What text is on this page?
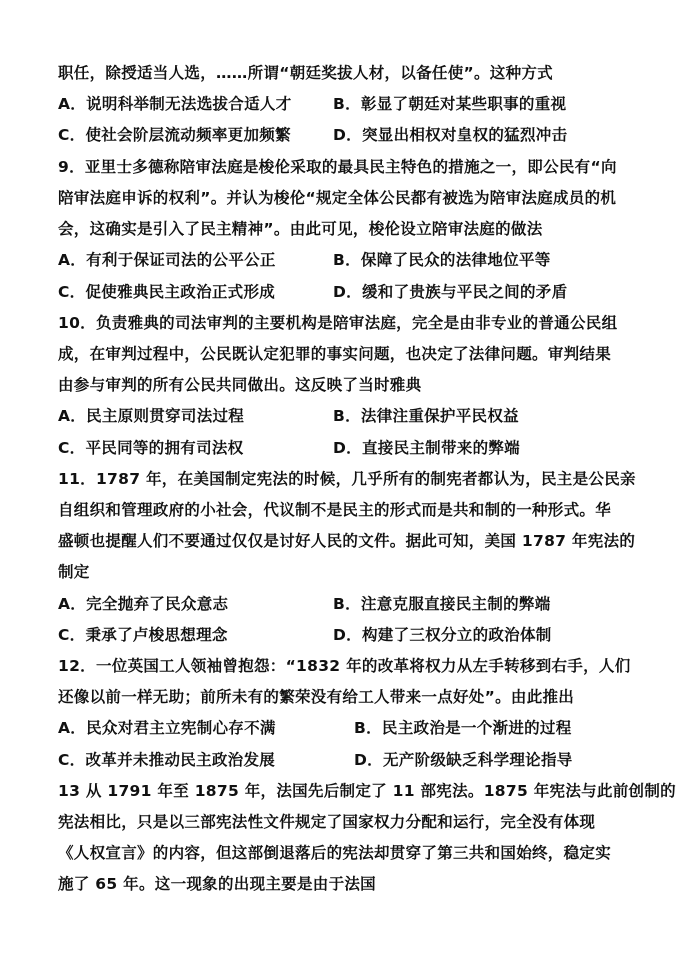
职任，除授适当人选，……所谓“朝廷奖拔人材，以备任使”。这种方式
A．说明科举制无法选拔合适人才	B．彰显了朝廷对某些职事的重视
C．使社会阶层流动频率更加频繁	D．突显出相权对皇权的猛烈冲击
9．亚里士多德称陪审法庭是梭伦采取的最具民主特色的措施之一，即公民有“向
陪审法庭申诉的权利”。并认为梭伦“规定全体公民都有被选为陪审法庭成员的机
会，这确实是引入了民主精神”。由此可见，梭伦设立陪审法庭的做法
A．有利于保证司法的公平公正	B．保障了民众的法律地位平等
C．促使雅典民主政治正式形成	D．缓和了贵族与平民之间的矛盾
10．负责雅典的司法审判的主要机构是陪审法庭，完全是由非专业的普通公民组
成，在审判过程中，公民既认定犯罪的事实问题，也决定了法律问题。审判结果
由参与审判的所有公民共同做出。这反映了当时雅典
A．民主原则贯穿司法过程	B．法律注重保护平民权益
C．平民同等的拥有司法权	D．直接民主制带来的弊端
11．1787 年，在美国制定宪法的时候，几乎所有的制宪者都认为，民主是公民亲
自组织和管理政府的小社会，代议制不是民主的形式而是共和制的一种形式。华
盛顿也提醒人们不要通过仅仅是讨好人民的文件。据此可知，美国 1787 年宪法的
制定
A．完全抛弃了民众意志	B．注意克服直接民主制的弊端
C．秉承了卢梭思想理念	D．构建了三权分立的政治体制
12．一位英国工人领袖曾抱怨：“1832 年的改革将权力从左手转移到右手，人们
还像以前一样无助；前所未有的繁荣没有给工人带来一点好处”。由此推出
A．民众对君主立宪制心存不满	B．民主政治是一个渐进的过程
C．改革并未推动民主政治发展	D．无产阶级缺乏科学理论指导
13 从 1791 年至 1875 年，法国先后制定了 11 部宪法。1875 年宪法与此前创制的
宪法相比，只是以三部宪法性文件规定了国家权力分配和运行，完全没有体现
《人权宣言》的内容，但这部倒退落后的宪法却贯穿了第三共和国始终，稳定实
施了 65 年。这一现象的出现主要是由于法国
